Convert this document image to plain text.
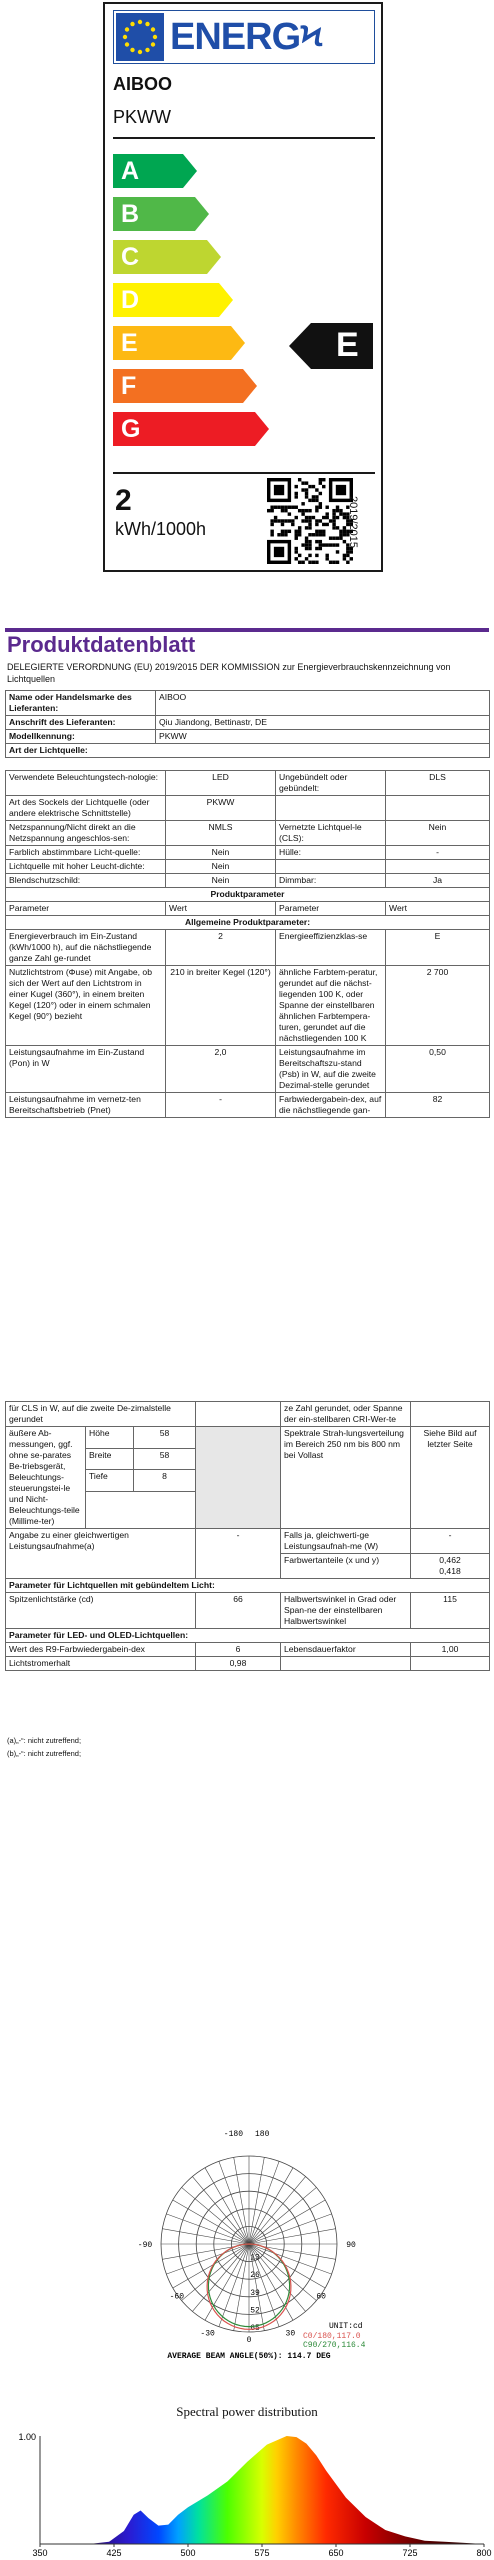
ENERGϞ
AIBOO
PKWW
A
B
C
D
E
F
G
E
2
kWh/1000h	2019/2015
Produktdatenblatt
DELEGIERTE VERORDNUNG (EU) 2019/2015 DER KOMMISSION zur Energieverbrauchskennzeichnung von Lichtquellen
Name oder Handelsmarke des Lieferanten:	AIBOO
Anschrift des Lieferanten:	Qiu Jiandong, Bettinastr, DE
Modellkennung:	PKWW
Art der Lichtquelle:	
Verwendete Beleuchtungstech-nologie:	LED	Ungebündelt oder gebündelt:	DLS
Art des Sockels der Lichtquelle (oder andere elektrische Schnittstelle)	PKWW		
Netzspannung/Nicht direkt an die Netzspannung angeschlos-sen:	NMLS	Vernetzte Lichtquel-le (CLS):	Nein
Farblich abstimmbare Licht-quelle:	Nein	Hülle:	-
Lichtquelle mit hoher Leucht-dichte:	Nein		
Blendschutzschild:	Nein	Dimmbar:	Ja
Produktparameter			
Parameter	Wert	Parameter	Wert
Allgemeine Produktparameter:			
Energieverbrauch im Ein-Zustand (kWh/1000 h), auf die nächstliegende ganze Zahl ge-rundet	2	Energieeffizienzklas-se	E
Nutzlichtstrom (Φuse) mit Angabe, ob sich der Wert auf den Lichtstrom in einer Kugel (360°), in einem breiten Kegel (120°) oder in einem schmalen Kegel (90°) bezieht	210 in breiter Kegel (120°)	ähnliche Farbtem-peratur, gerundet auf die nächst-liegenden 100 K, oder Spanne der einstellbaren ähnlichen Farbtempera-turen, gerundet auf die nächstliegenden 100 K	2 700
Leistungsaufnahme im Ein-Zustand (Pon) in W	2,0	Leistungsaufnahme im Bereitschaftszu-stand (Psb) in W, auf die zweite Dezimal-stelle gerundet	0,50
Leistungsaufnahme im vernetz-ten Bereitschaftsbetrieb (Pnet)	-	Farbwiedergabein-dex, auf die nächstliegende gan-	82
für CLS in W, auf die zweite De-zimalstelle gerundet				ze Zahl gerundet, oder Spanne der ein-stellbaren CRI-Wer-te	
äußere Ab-messungen, ggf. ohne se-parates Be-triebsgerät, Beleuchtungs-steuerungstei-le und Nicht-Beleuchtungs-teile (Millime-ter)	Höhe	58		Spektrale Strah-lungsverteilung im Bereich 250 nm bis 800 nm bei Vollast	Siehe Bild auf letzter Seite
	Breite	58			
	Tiefe	8			

Angabe zu einer gleichwertigen Leistungsaufnahme(a)			-	Falls ja, gleichwerti-ge Leistungsaufnah-me (W)	-
				Farbwertanteile (x und y)	0,462
0,418
Parameter für Lichtquellen mit gebündeltem Licht:					
Spitzenlichtstärke (cd)			66	Halbwertswinkel in Grad oder Span-ne der einstellbaren Halbwertswinkel	115
Parameter für LED- und OLED-Lichtquellen:					
Wert des R9-Farbwiedergabein-dex			6	Lebensdauerfaktor	1,00
Lichtstromerhalt			0,98		
(a)„-“: nicht zutreffend;
(b)„-“: nicht zutreffend;
-180 180
-90	90
-60	60
-30	30
0
13
26
39
52
65	UNIT:cd
C0/180,117.0
C90/270,116.4
AVERAGE BEAM ANGLE(50%): 114.7 DEG
Spectral power distribution
1.00
350	425	500	575	650	725	800
